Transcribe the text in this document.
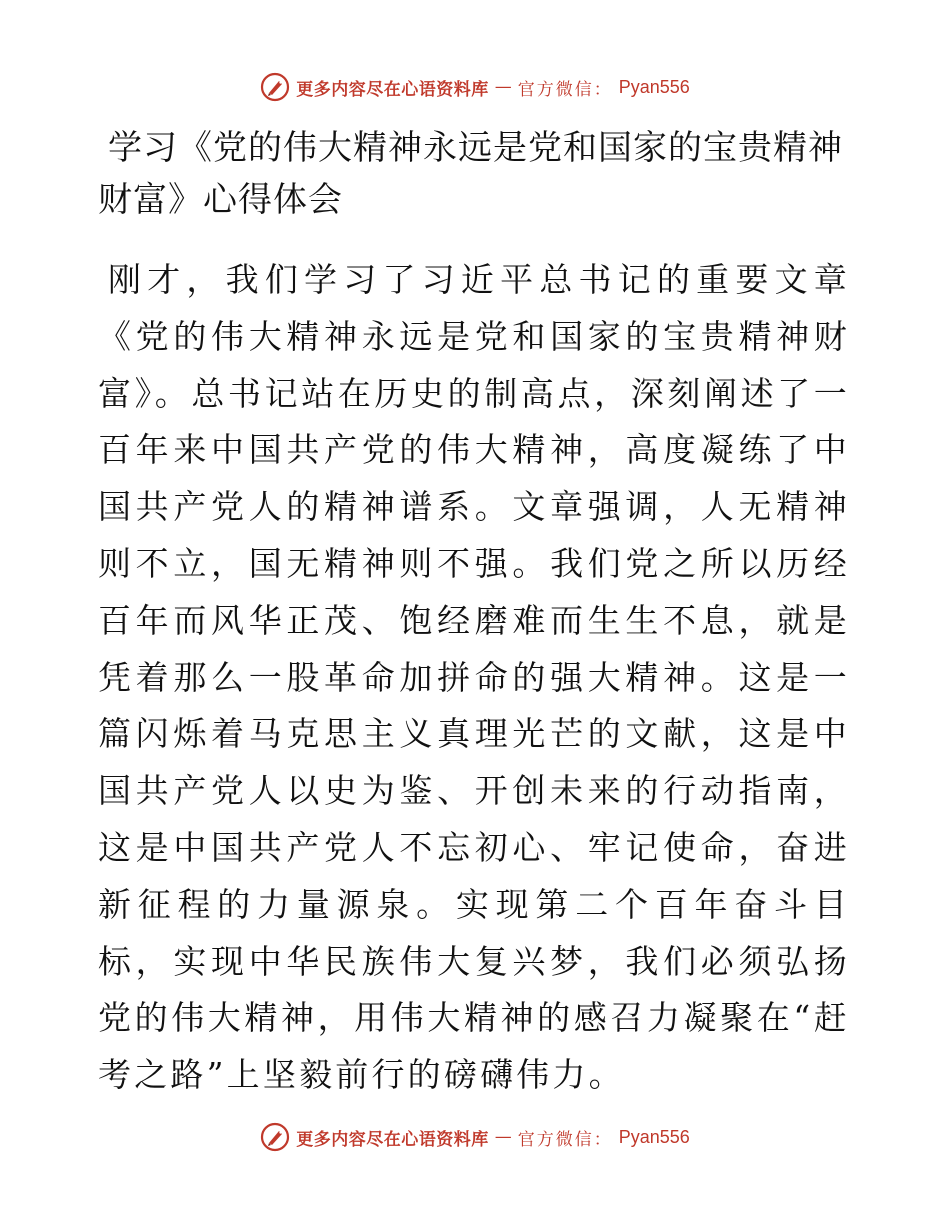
更多内容尽在心语资料库 — 官方微信： Pyan556
学习《党的伟大精神永远是党和国家的宝贵精神财富》心得体会
刚才，我们学习了习近平总书记的重要文章《党的伟大精神永远是党和国家的宝贵精神财富》。总书记站在历史的制高点，深刻阐述了一百年来中国共产党的伟大精神，高度凝练了中国共产党人的精神谱系。文章强调，人无精神则不立，国无精神则不强。我们党之所以历经百年而风华正茂、饱经磨难而生生不息，就是凭着那么一股革命加拼命的强大精神。这是一篇闪烁着马克思主义真理光芒的文献，这是中国共产党人以史为鉴、开创未来的行动指南，这是中国共产党人不忘初心、牢记使命，奋进新征程的力量源泉。实现第二个百年奋斗目标，实现中华民族伟大复兴梦，我们必须弘扬党的伟大精神，用伟大精神的感召力凝聚在“赶考之路”上坚毅前行的磅礴伟力。
更多内容尽在心语资料库 — 官方微信： Pyan556
